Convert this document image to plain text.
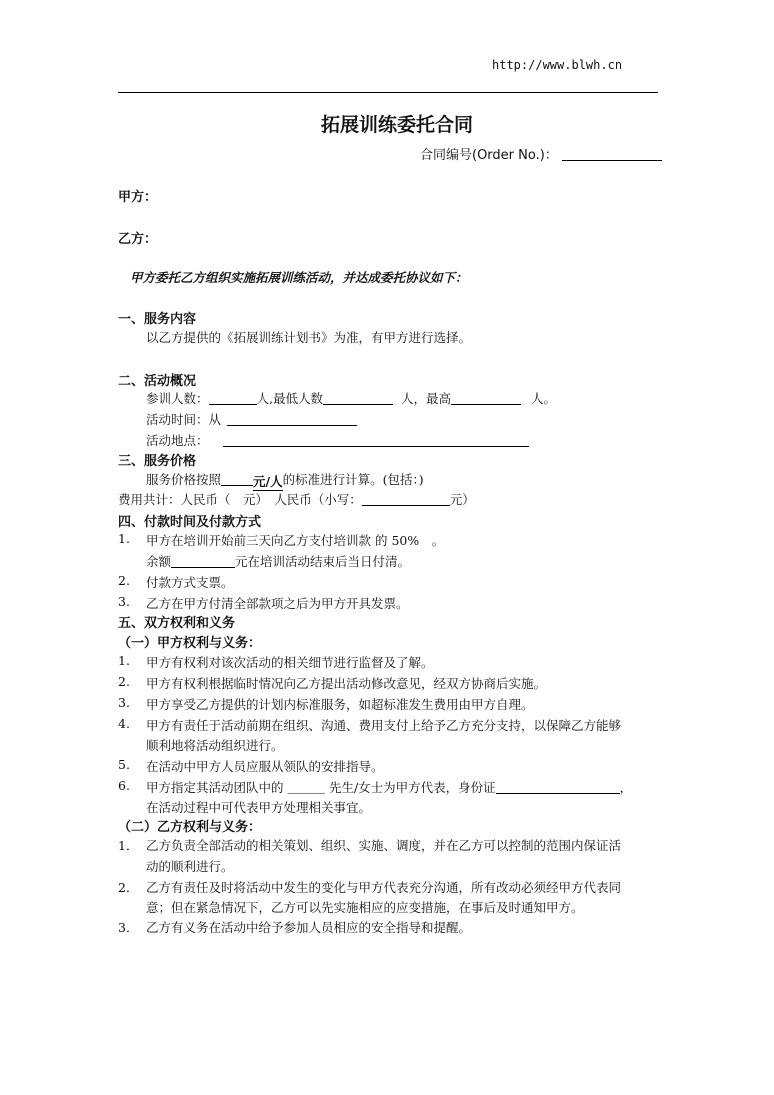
http://www.blwh.cn
拓展训练委托合同
合同编号(Order No.)：
甲方：
乙方：
甲方委托乙方组织实施拓展训练活动，并达成委托协议如下：
一、服务内容
以乙方提供的《拓展训练计划书》为准，有甲方进行选择。
二、活动概况
参训人数：	人,最低人数	人，最高	人。
活动时间：从
活动地点：
三、服务价格
服务价格按照	元/人的标准进行计算。(包括：)
费用共计：人民币（　元）　人民币（小写：	元）
四、付款时间及付款方式
1. 甲方在培训开始前三天向乙方支付培训款 的 50%　。
余额	元在培训活动结束后当日付清。
2. 付款方式支票。
3. 乙方在甲方付清全部款项之后为甲方开具发票。
五、双方权利和义务
（一）甲方权利与义务：
1. 甲方有权利对该次活动的相关细节进行监督及了解。
2. 甲方有权利根据临时情况向乙方提出活动修改意见，经双方协商后实施。
3. 甲方享受乙方提供的计划内标准服务，如超标准发生费用由甲方自理。
4. 甲方有责任于活动前期在组织、沟通、费用支付上给予乙方充分支持，以保障乙方能够
顺利地将活动组织进行。
5. 在活动中甲方人员应服从领队的安排指导。
6. 甲方指定其活动团队中的 ＿＿＿ 先生/女士为甲方代表，身份证	，
在活动过程中可代表甲方处理相关事宜。
（二）乙方权利与义务：
1． 乙方负责全部活动的相关策划、组织、实施、调度，并在乙方可以控制的范围内保证活
动的顺利进行。
2． 乙方有责任及时将活动中发生的变化与甲方代表充分沟通，所有改动必须经甲方代表同
意；但在紧急情况下，乙方可以先实施相应的应变措施，在事后及时通知甲方。
3． 乙方有义务在活动中给予参加人员相应的安全指导和提醒。
